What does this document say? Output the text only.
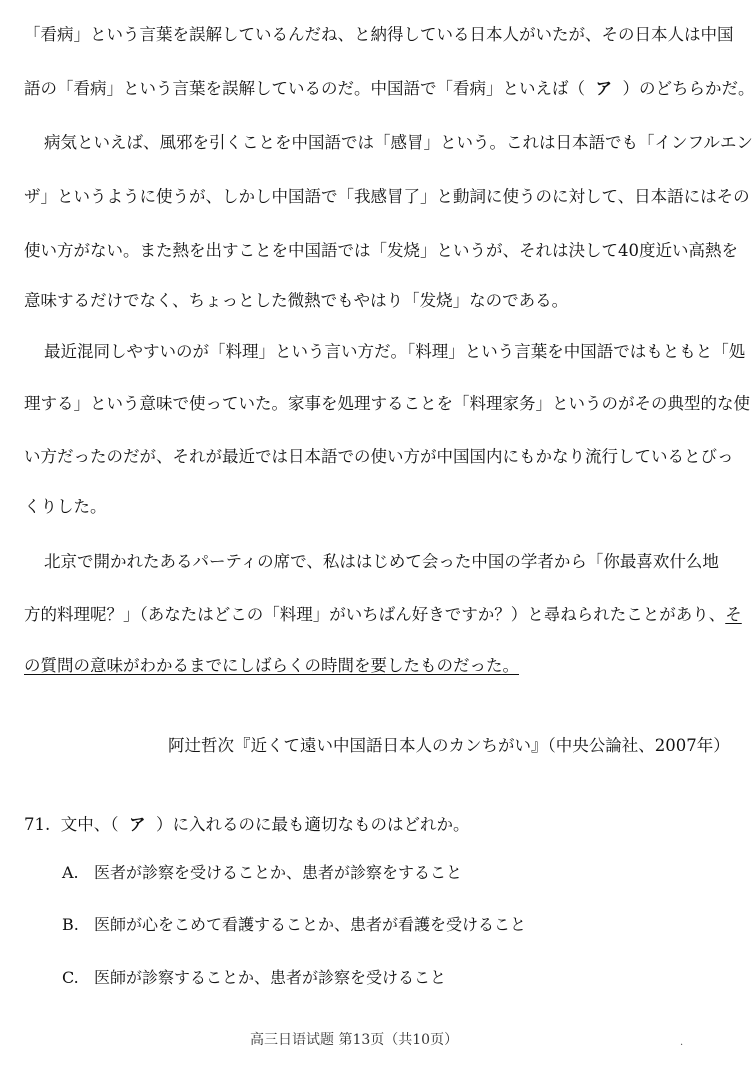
「看病」という言葉を誤解しているんだね、と納得している日本人がいたが、その日本人は中国
語の「看病」という言葉を誤解しているのだ。中国語で「看病」といえば（ ア ）のどちらかだ。
病気といえば、風邪を引くことを中国語では「感冒」という。これは日本語でも「インフルエン
ザ」というように使うが、しかし中国語で「我感冒了」と動詞に使うのに対して、日本語にはその
使い方がない。また熱を出すことを中国語では「发烧」というが、それは決して40度近い高熱を
意味するだけでなく、ちょっとした微熱でもやはり「发烧」なのである。
最近混同しやすいのが「料理」という言い方だ。「料理」という言葉を中国語ではもともと「処
理する」という意味で使っていた。家事を処理することを「料理家务」というのがその典型的な使
い方だったのだが、それが最近では日本語での使い方が中国国内にもかなり流行しているとびっ
くりした。
北京で開かれたあるパーティの席で、私ははじめて会った中国の学者から「你最喜欢什么地
方的料理呢？」（あなたはどこの「料理」がいちばん好きですか？）と尋ねられたことがあり、そ
の質問の意味がわかるまでにしばらくの時間を要したものだった。
阿辻哲次『近くて遠い中国語日本人のカンちがい』（中央公論社、2007年）
71. 文中、（ ア ）に入れるのに最も適切なものはどれか。
A. 医者が診察を受けることか、患者が診察をすること
B. 医師が心をこめて看護することか、患者が看護を受けること
C. 医師が診察することか、患者が診察を受けること
高三日语试题 第13页（共10页）	·
